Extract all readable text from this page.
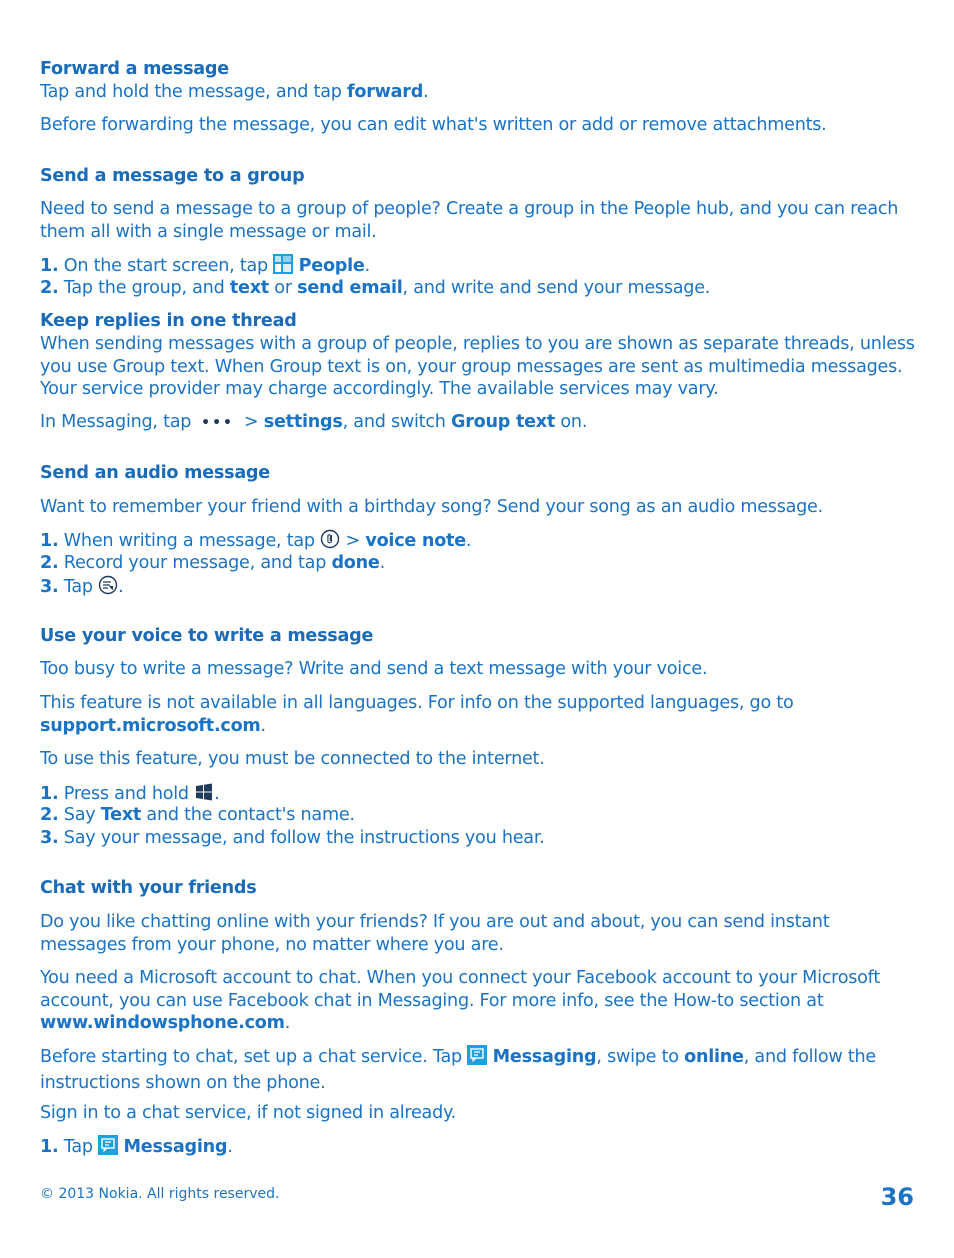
Forward a message
Tap and hold the message, and tap forward.
Before forwarding the message, you can edit what's written or add or remove attachments.
Send a message to a group
Need to send a message to a group of people? Create a group in the People hub, and you can reach them all with a single message or mail.
1. On the start screen, tap  People.
2. Tap the group, and text or send email, and write and send your message.
Keep replies in one thread
When sending messages with a group of people, replies to you are shown as separate threads, unless you use Group text. When Group text is on, your group messages are sent as multimedia messages. Your service provider may charge accordingly. The available services may vary.
In Messaging, tap ••• > settings, and switch Group text on.
Send an audio message
Want to remember your friend with a birthday song? Send your song as an audio message.
1. When writing a message, tap  > voice note.
2. Record your message, and tap done.
3. Tap .
Use your voice to write a message
Too busy to write a message? Write and send a text message with your voice.
This feature is not available in all languages. For info on the supported languages, go to support.microsoft.com.
To use this feature, you must be connected to the internet.
1. Press and hold .
2. Say Text and the contact's name.
3. Say your message, and follow the instructions you hear.
Chat with your friends
Do you like chatting online with your friends? If you are out and about, you can send instant messages from your phone, no matter where you are.
You need a Microsoft account to chat. When you connect your Facebook account to your Microsoft account, you can use Facebook chat in Messaging. For more info, see the How-to section at www.windowsphone.com.
Before starting to chat, set up a chat service. Tap  Messaging, swipe to online, and follow the instructions shown on the phone.
Sign in to a chat service, if not signed in already.
1. Tap  Messaging.
© 2013 Nokia. All rights reserved.	36
